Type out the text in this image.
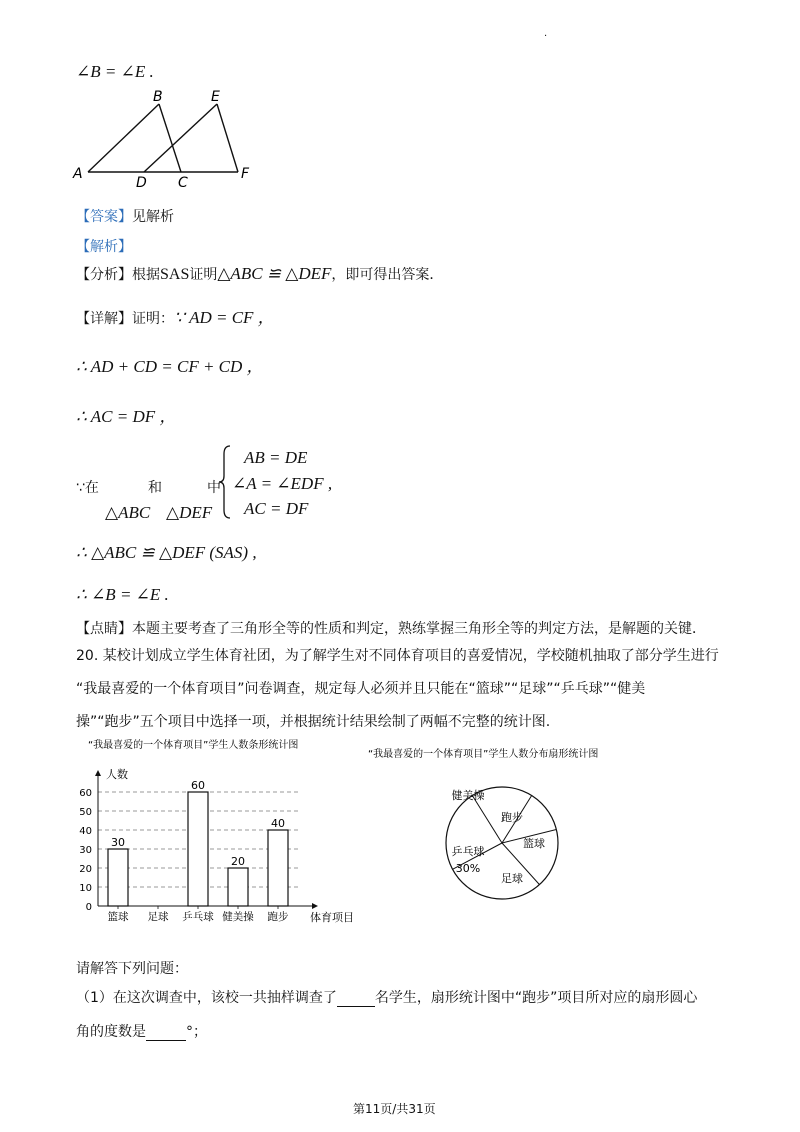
.
∠B = ∠E .
B	E
A
D C
F
【答案】见解析
【解析】
【分析】根据SAS证明△ABC ≌ △DEF，即可得出答案．
【详解】证明：∵ AD = CF ，
∴ AD + CD = CF + CD ，
∴ AC = DF ，
∵在	和	中
△ABC △DEF
AB = DE
∠A = ∠EDF ,
AC = DF
∴ △ABC ≌ △DEF (SAS) ,
∴ ∠B = ∠E .
【点睛】本题主要考查了三角形全等的性质和判定，熟练掌握三角形全等的判定方法，是解题的关键．
20. 某校计划成立学生体育社团，为了解学生对不同体育项目的喜爱情况，学校随机抽取了部分学生进行
“我最喜爱的一个体育项目”问卷调查，规定每人必须并且只能在“篮球”“足球”“乒乓球”“健美
操”“跑步”五个项目中选择一项，并根据统计结果绘制了两幅不完整的统计图.
“我最喜爱的一个体育项目”学生人数条形统计图
人数
体育项目
0
10
20
30
40
50
60
30
篮球 足球
60
乒乓球
20
健美操
40
跑步
“我最喜爱的一个体育项目”学生人数分布扇形统计图
健美操
跑步
篮球
足球
乒乓球
30%
请解答下列问题：
（1）在这次调查中，该校一共抽样调查了	名学生，扇形统计图中“跑步”项目所对应的扇形圆心
角的度数是	°；
第11页/共31页
